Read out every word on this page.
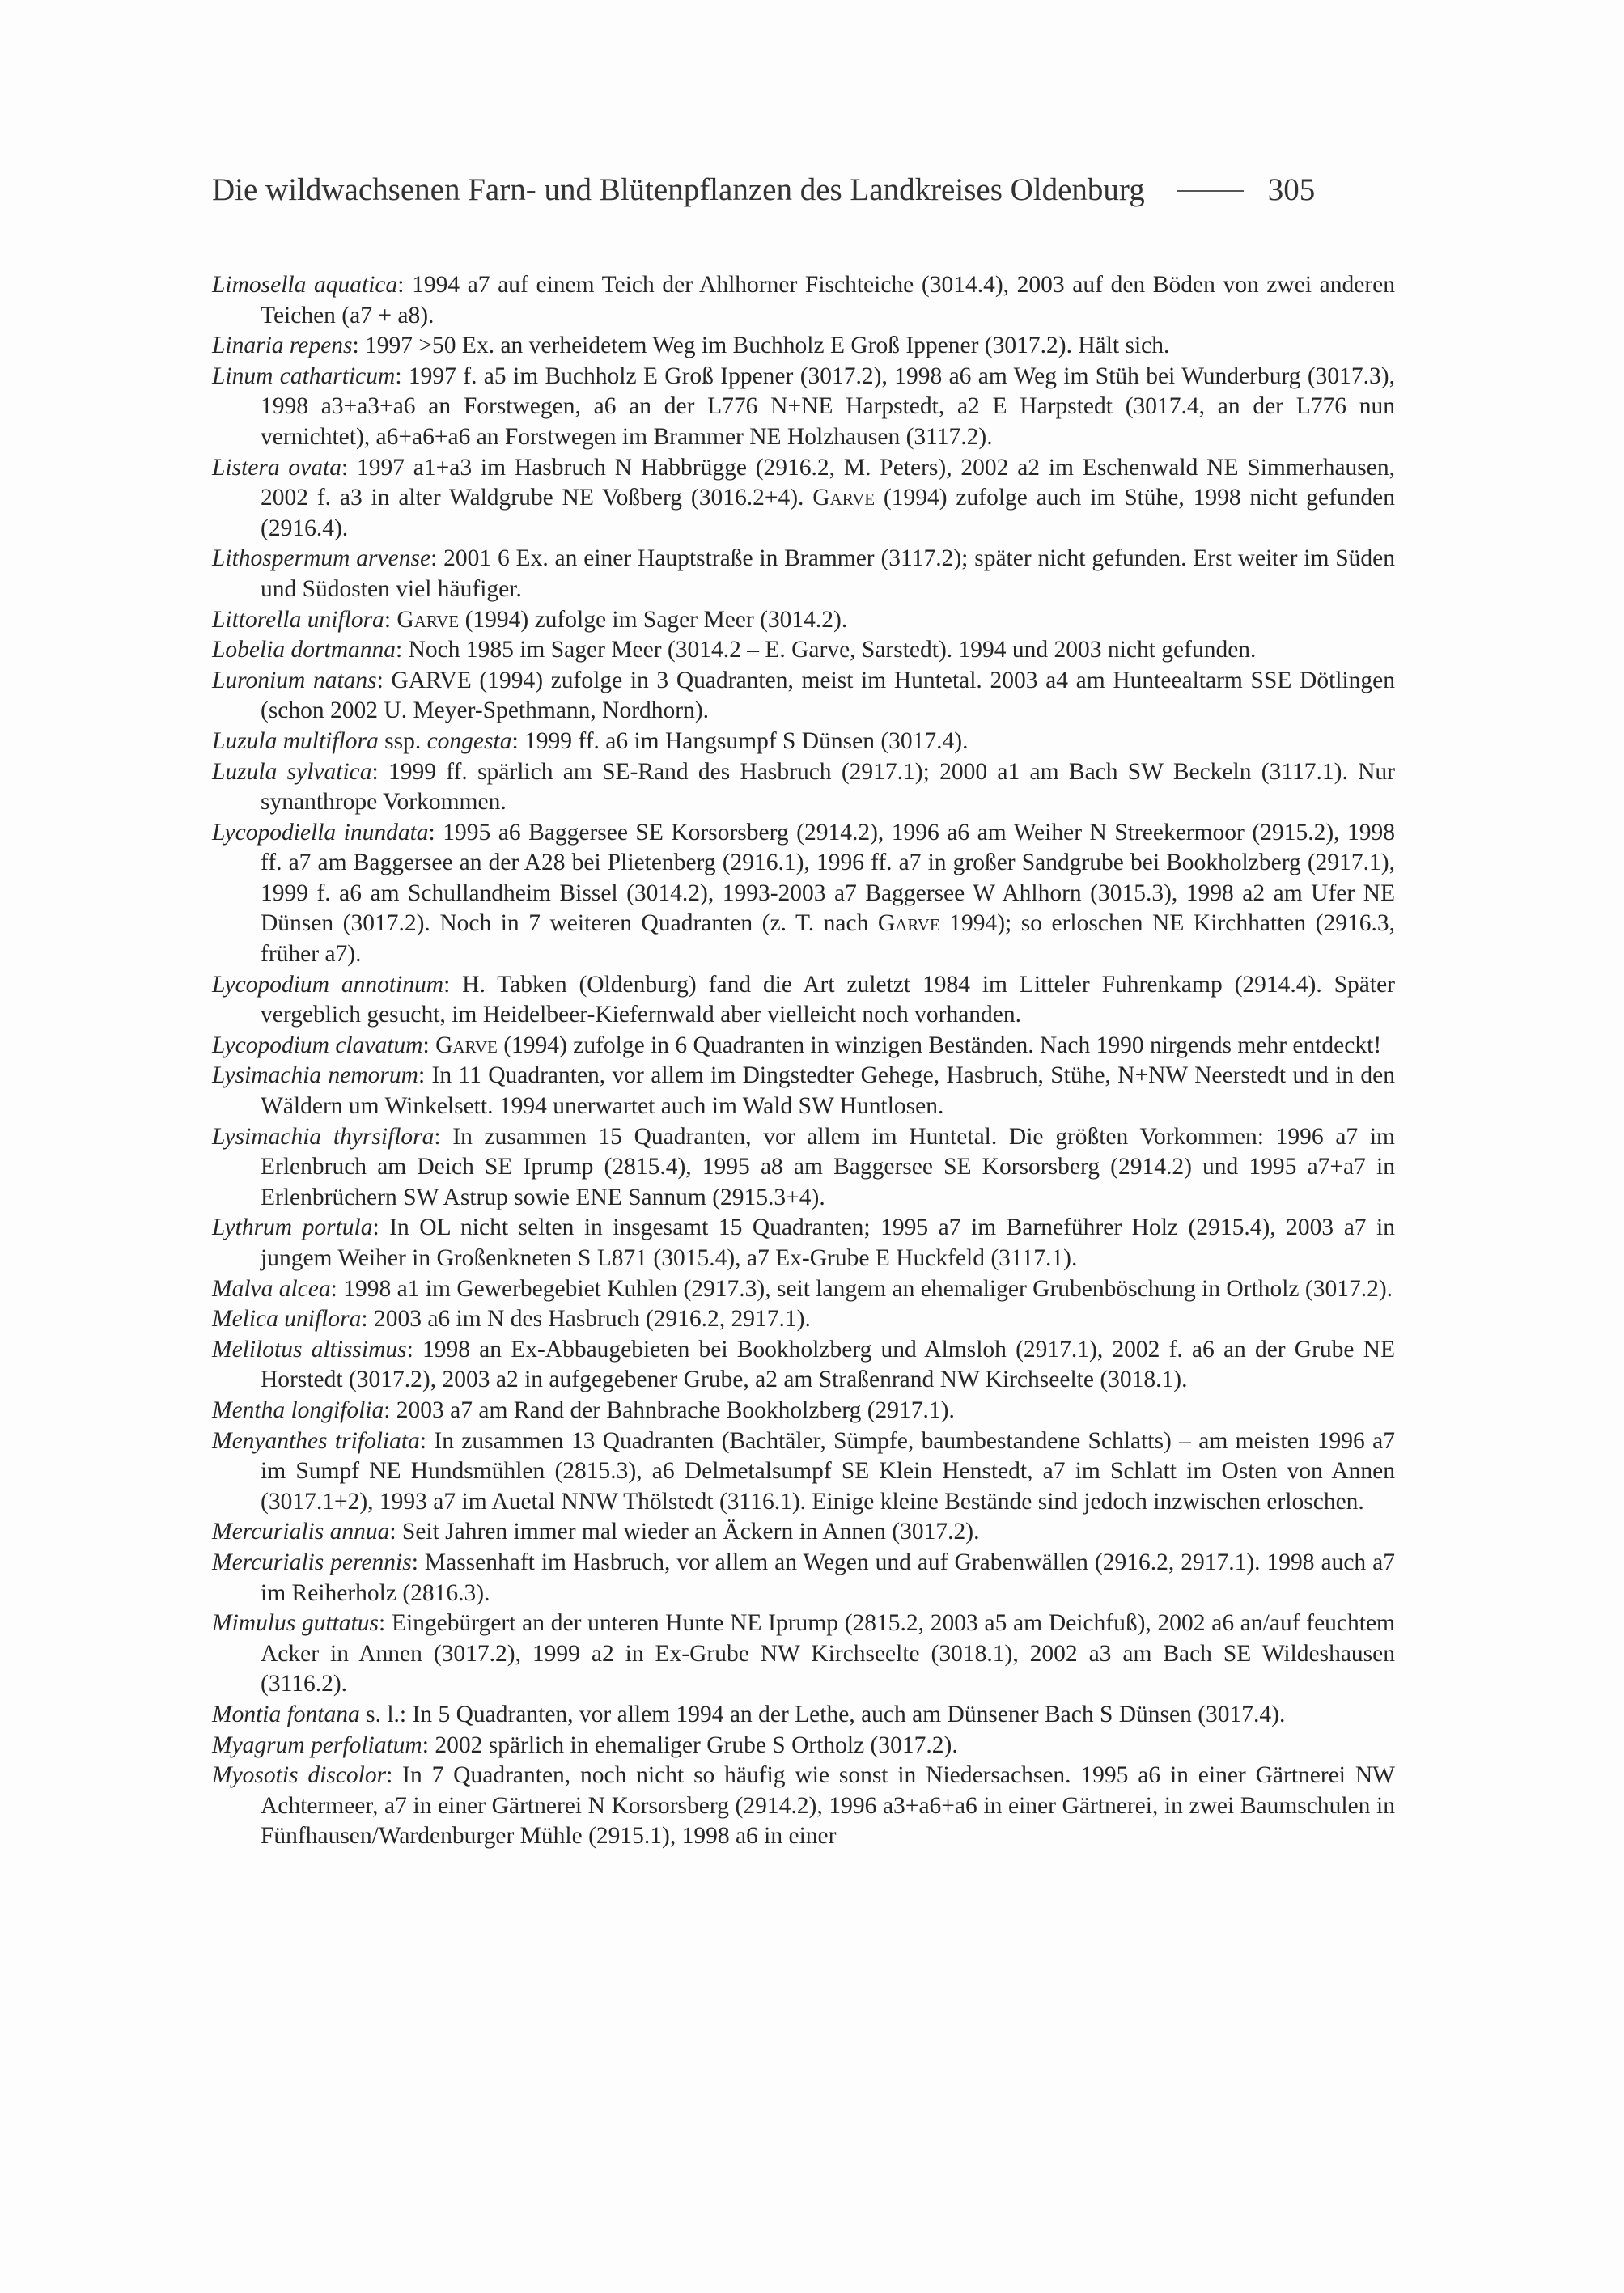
Die wildwachsenen Farn- und Blütenpflanzen des Landkreises Oldenburg	305

Limosella aquatica: 1994 a7 auf einem Teich der Ahlhorner Fischteiche (3014.4), 2003 auf den Böden von zwei anderen Teichen (a7 + a8).

Linaria repens: 1997 >50 Ex. an verheidetem Weg im Buchholz E Groß Ippener (3017.2). Hält sich.

Linum catharticum: 1997 f. a5 im Buchholz E Groß Ippener (3017.2), 1998 a6 am Weg im Stüh bei Wunderburg (3017.3), 1998 a3+a3+a6 an Forstwegen, a6 an der L776 N+NE Harpstedt, a2 E Harpstedt (3017.4, an der L776 nun vernichtet), a6+a6+a6 an Forstwegen im Brammer NE Holzhausen (3117.2).

Listera ovata: 1997 a1+a3 im Hasbruch N Habbrügge (2916.2, M. Peters), 2002 a2 im Eschenwald NE Simmerhausen, 2002 f. a3 in alter Waldgrube NE Voßberg (3016.2+4). Garve (1994) zufolge auch im Stühe, 1998 nicht gefunden (2916.4).

Lithospermum arvense: 2001 6 Ex. an einer Hauptstraße in Brammer (3117.2); später nicht gefunden. Erst weiter im Süden und Südosten viel häufiger.

Littorella uniflora: Garve (1994) zufolge im Sager Meer (3014.2).

Lobelia dortmanna: Noch 1985 im Sager Meer (3014.2 – E. Garve, Sarstedt). 1994 und 2003 nicht gefunden.

Luronium natans: GARVE (1994) zufolge in 3 Quadranten, meist im Huntetal. 2003 a4 am Hunteealtarm SSE Dötlingen (schon 2002 U. Meyer-Spethmann, Nordhorn).

Luzula multiflora ssp. congesta: 1999 ff. a6 im Hangsumpf S Dünsen (3017.4).

Luzula sylvatica: 1999 ff. spärlich am SE-Rand des Hasbruch (2917.1); 2000 a1 am Bach SW Beckeln (3117.1). Nur synanthrope Vorkommen.

Lycopodiella inundata: 1995 a6 Baggersee SE Korsorsberg (2914.2), 1996 a6 am Weiher N Streekermoor (2915.2), 1998 ff. a7 am Baggersee an der A28 bei Plietenberg (2916.1), 1996 ff. a7 in großer Sandgrube bei Bookholzberg (2917.1), 1999 f. a6 am Schullandheim Bissel (3014.2), 1993-2003 a7 Baggersee W Ahlhorn (3015.3), 1998 a2 am Ufer NE Dünsen (3017.2). Noch in 7 weiteren Quadranten (z. T. nach Garve 1994); so erloschen NE Kirchhatten (2916.3, früher a7).

Lycopodium annotinum: H. Tabken (Oldenburg) fand die Art zuletzt 1984 im Litteler Fuhrenkamp (2914.4). Später vergeblich gesucht, im Heidelbeer-Kiefernwald aber vielleicht noch vorhanden.

Lycopodium clavatum: Garve (1994) zufolge in 6 Quadranten in winzigen Beständen. Nach 1990 nirgends mehr entdeckt!

Lysimachia nemorum: In 11 Quadranten, vor allem im Dingstedter Gehege, Hasbruch, Stühe, N+NW Neerstedt und in den Wäldern um Winkelsett. 1994 unerwartet auch im Wald SW Huntlosen.

Lysimachia thyrsiflora: In zusammen 15 Quadranten, vor allem im Huntetal. Die größten Vorkommen: 1996 a7 im Erlenbruch am Deich SE Iprump (2815.4), 1995 a8 am Baggersee SE Korsorsberg (2914.2) und 1995 a7+a7 in Erlenbrüchern SW Astrup sowie ENE Sannum (2915.3+4).

Lythrum portula: In OL nicht selten in insgesamt 15 Quadranten; 1995 a7 im Barneführer Holz (2915.4), 2003 a7 in jungem Weiher in Großenkneten S L871 (3015.4), a7 Ex-Grube E Huckfeld (3117.1).

Malva alcea: 1998 a1 im Gewerbegebiet Kuhlen (2917.3), seit langem an ehemaliger Grubenböschung in Ortholz (3017.2).

Melica uniflora: 2003 a6 im N des Hasbruch (2916.2, 2917.1).

Melilotus altissimus: 1998 an Ex-Abbaugebieten bei Bookholzberg und Almsloh (2917.1), 2002 f. a6 an der Grube NE Horstedt (3017.2), 2003 a2 in aufgegebener Grube, a2 am Straßenrand NW Kirchseelte (3018.1).

Mentha longifolia: 2003 a7 am Rand der Bahnbrache Bookholzberg (2917.1).

Menyanthes trifoliata: In zusammen 13 Quadranten (Bachtäler, Sümpfe, baumbestandene Schlatts) – am meisten 1996 a7 im Sumpf NE Hundsmühlen (2815.3), a6 Delmetalsumpf SE Klein Henstedt, a7 im Schlatt im Osten von Annen (3017.1+2), 1993 a7 im Auetal NNW Thölstedt (3116.1). Einige kleine Bestände sind jedoch inzwischen erloschen.

Mercurialis annua: Seit Jahren immer mal wieder an Äckern in Annen (3017.2).

Mercurialis perennis: Massenhaft im Hasbruch, vor allem an Wegen und auf Grabenwällen (2916.2, 2917.1). 1998 auch a7 im Reiherholz (2816.3).

Mimulus guttatus: Eingebürgert an der unteren Hunte NE Iprump (2815.2, 2003 a5 am Deichfuß), 2002 a6 an/auf feuchtem Acker in Annen (3017.2), 1999 a2 in Ex-Grube NW Kirchseelte (3018.1), 2002 a3 am Bach SE Wildeshausen (3116.2).

Montia fontana s. l.: In 5 Quadranten, vor allem 1994 an der Lethe, auch am Dünsener Bach S Dünsen (3017.4).

Myagrum perfoliatum: 2002 spärlich in ehemaliger Grube S Ortholz (3017.2).

Myosotis discolor: In 7 Quadranten, noch nicht so häufig wie sonst in Niedersachsen. 1995 a6 in einer Gärtnerei NW Achtermeer, a7 in einer Gärtnerei N Korsorsberg (2914.2), 1996 a3+a6+a6 in einer Gärtnerei, in zwei Baumschulen in Fünfhausen/Wardenburger Mühle (2915.1), 1998 a6 in einer
